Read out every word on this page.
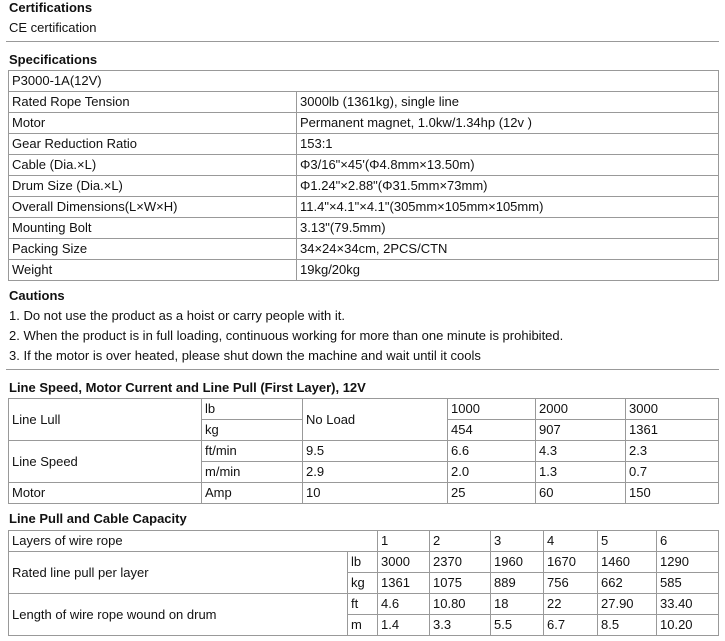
Certifications

CE certification

Specifications

P3000-1A(12V)	
Rated Rope Tension	3000lb (1361kg), single line
Motor	Permanent magnet, 1.0kw/1.34hp (12v )
Gear Reduction Ratio	153:1
Cable (Dia.×L)	Φ3/16"×45'(Φ4.8mm×13.50m)
Drum Size (Dia.×L)	Φ1.24"×2.88"(Φ31.5mm×73mm)
Overall Dimensions(L×W×H)	11.4"×4.1"×4.1"(305mm×105mm×105mm)
Mounting Bolt	3.13"(79.5mm)
Packing Size	34×24×34cm, 2PCS/CTN
Weight	19kg/20kg

Cautions

1. Do not use the product as a hoist or carry people with it.

2. When the product is in full loading, continuous working for more than one minute is prohibited.

3. If the motor is over heated, please shut down the machine and wait until it cools

Line Speed, Motor Current and Line Pull (First Layer), 12V

Line Lull	lb	No Load	1000	2000	3000
	kg		454	907	1361
Line Speed	ft/min	9.5	6.6	4.3	2.3
	m/min	2.9	2.0	1.3	0.7
Motor	Amp	10	25	60	150

Line Pull and Cable Capacity

Layers of wire rope		1	2	3	4	5	6
Rated line pull per layer	lb	3000	2370	1960	1670	1460	1290
	kg	1361	1075	889	756	662	585
Length of wire rope wound on drum	ft	4.6	10.80	18	22	27.90	33.40
	m	1.4	3.3	5.5	6.7	8.5	10.20
